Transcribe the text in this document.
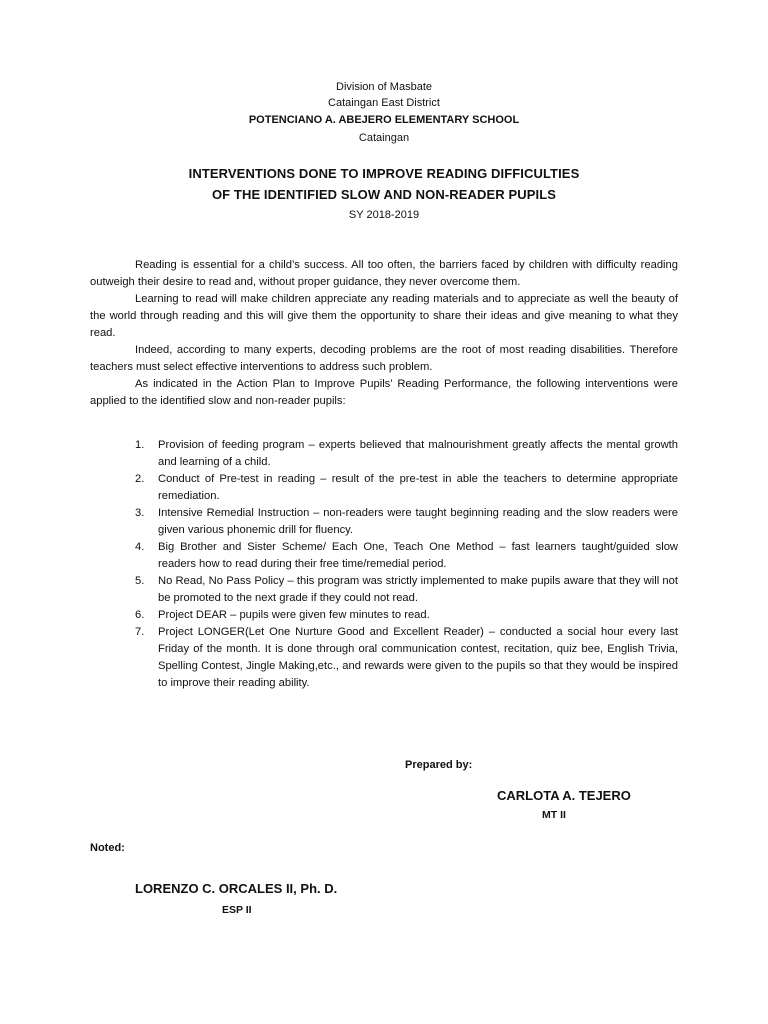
Division of Masbate
Cataingan East District
POTENCIANO A. ABEJERO ELEMENTARY SCHOOL
Cataingan
INTERVENTIONS DONE TO IMPROVE READING DIFFICULTIES
OF THE IDENTIFIED SLOW AND NON-READER PUPILS
SY 2018-2019

Reading is essential for a child’s success. All too often, the barriers faced by children with difficulty reading outweigh their desire to read and, without proper guidance, they never overcome them.

Learning to read will make children appreciate any reading materials and to appreciate as well the beauty of the world through reading and this will give them the opportunity to share their ideas and give meaning to what they read.

Indeed, according to many experts, decoding problems are the root of most reading disabilities. Therefore teachers must select effective interventions to address such problem.

As indicated in the Action Plan to Improve Pupils’ Reading Performance, the following interventions were applied to the identified slow and non-reader pupils:

1. Provision of feeding program – experts believed that malnourishment greatly affects the mental growth and learning of a child.
2. Conduct of Pre-test in reading – result of the pre-test in able the teachers to determine appropriate remediation.
3. Intensive Remedial Instruction – non-readers were taught beginning reading and the slow readers were given various phonemic drill for fluency.
4. Big Brother and Sister Scheme/ Each One, Teach One Method – fast learners taught/guided slow readers how to read during their free time/remedial period.
5. No Read, No Pass Policy – this program was strictly implemented to make pupils aware that they will not be promoted to the next grade if they could not read.
6. Project DEAR – pupils were given few minutes to read.
7. Project LONGER(Let One Nurture Good and Excellent Reader) – conducted a social hour every last Friday of the month. It is done through oral communication contest, recitation, quiz bee, English Trivia, Spelling Contest, Jingle Making,etc., and rewards were given to the pupils so that they would be inspired to improve their reading ability.
Prepared by:
CARLOTA A. TEJERO
MT II
Noted:
LORENZO C. ORCALES II, Ph. D.
ESP II
